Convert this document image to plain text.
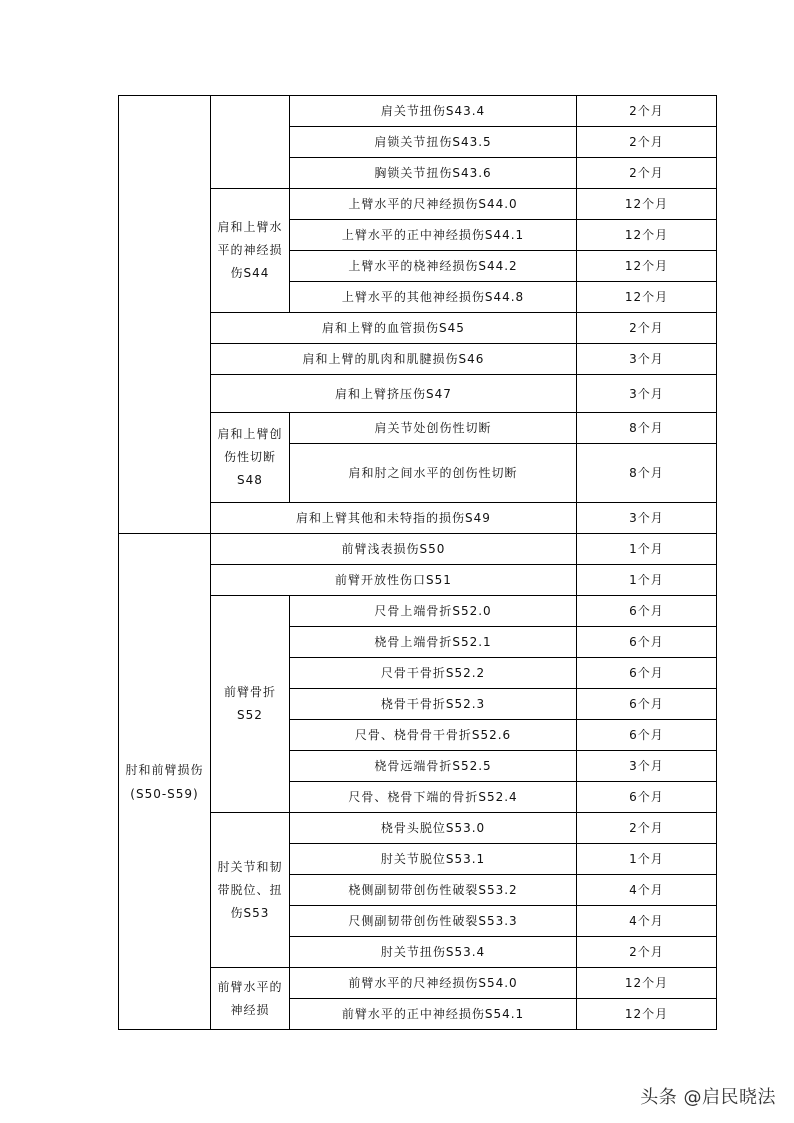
		肩关节扭伤S43.4	2个月
		肩锁关节扭伤S43.5	2个月
		胸锁关节扭伤S43.6	2个月
	肩和上臂水平的神经损伤S44	上臂水平的尺神经损伤S44.0	12个月
		上臂水平的正中神经损伤S44.1	12个月
		上臂水平的桡神经损伤S44.2	12个月
		上臂水平的其他神经损伤S44.8	12个月
	肩和上臂的血管损伤S45		2个月
	肩和上臂的肌肉和肌腱损伤S46		3个月
	肩和上臂挤压伤S47		3个月
	肩和上臂创伤性切断S48	肩关节处创伤性切断	8个月
		肩和肘之间水平的创伤性切断	8个月
	肩和上臂其他和未特指的损伤S49		3个月
肘和前臂损伤(S50-S59)	前臂浅表损伤S50		1个月
	前臂开放性伤口S51		1个月
	前臂骨折S52	尺骨上端骨折S52.0	6个月
		桡骨上端骨折S52.1	6个月
		尺骨干骨折S52.2	6个月
		桡骨干骨折S52.3	6个月
		尺骨、桡骨骨干骨折S52.6	6个月
		桡骨远端骨折S52.5	3个月
		尺骨、桡骨下端的骨折S52.4	6个月
	肘关节和韧带脱位、扭伤S53	桡骨头脱位S53.0	2个月
		肘关节脱位S53.1	1个月
		桡侧副韧带创伤性破裂S53.2	4个月
		尺侧副韧带创伤性破裂S53.3	4个月
		肘关节扭伤S53.4	2个月
	前臂水平的神经损	前臂水平的尺神经损伤S54.0	12个月
		前臂水平的正中神经损伤S54.1	12个月
头条 @启民晓法
